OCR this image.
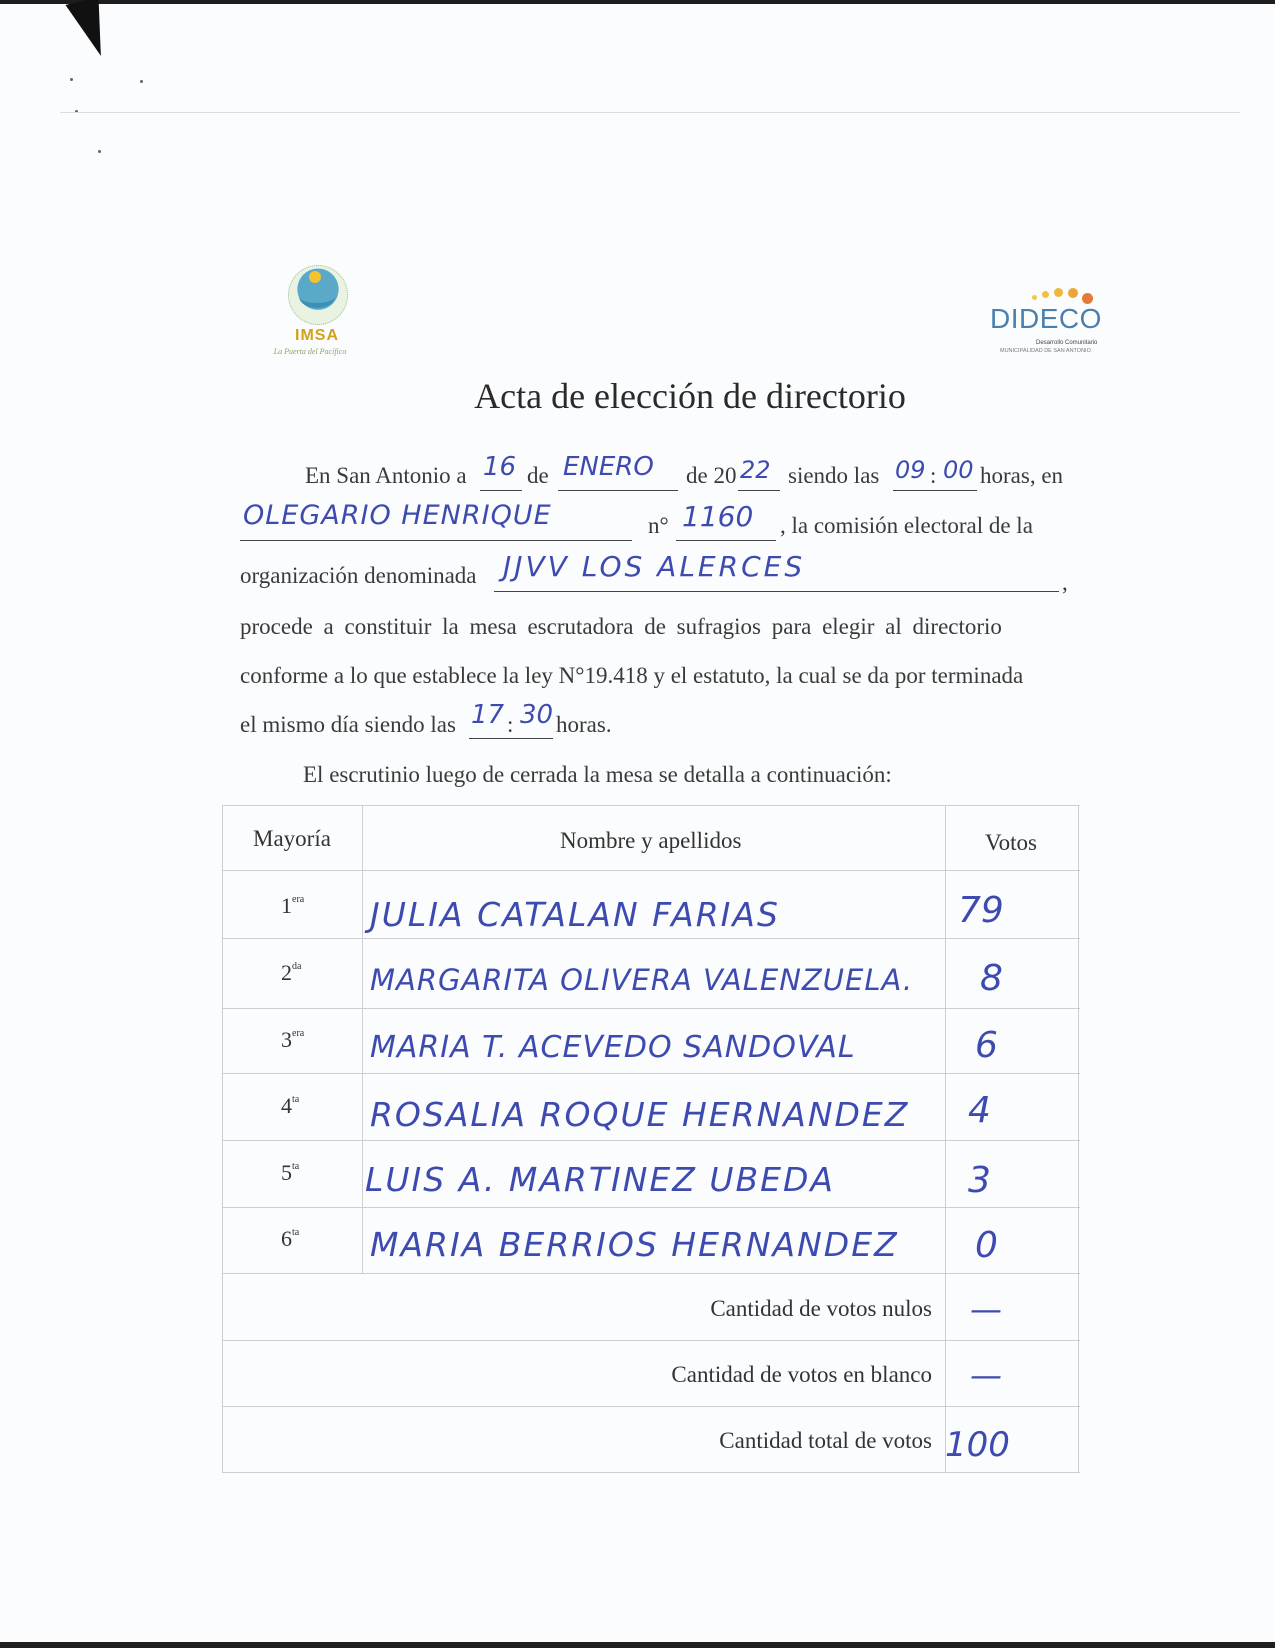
IMSA
La Puerta del Pacífico
DIDECO
Desarrollo Comunitario
MUNICIPALIDAD DE SAN ANTONIO
Acta de elección de directorio
En San Antonio a 16 de ENERO de 20 22 siendo las 09 : 00 horas, en
OLEGARIO HENRIQUE	n° 1160 , la comisión electoral de la
organización denominada JJVV LOS ALERCES	,
procede a constituir la mesa escrutadora de sufragios para elegir al directorio
conforme a lo que establece la ley N°19.418 y el estatuto, la cual se da por terminada
el mismo día siendo las 17 : 30 horas.
El escrutinio luego de cerrada la mesa se detalla a continuación:
Mayoría	Nombre y apellidos	Votos
$1^{era}$ JULIA CATALAN FARIAS	79
$2^{da}$ MARGARITA OLIVERA VALENZUELA. 8
$3^{era}$ MARIA T. ACEVEDO SANDOVAL	6
$4^{ta}$ ROSALIA ROQUE HERNANDEZ 4
$5^{ta}$ LUIS A. MARTINEZ UBEDA	3
$6^{ta}$ MARIA BERRIOS HERNANDEZ 0
Cantidad de votos nulos —
Cantidad de votos en blanco —
Cantidad total de votos 100
